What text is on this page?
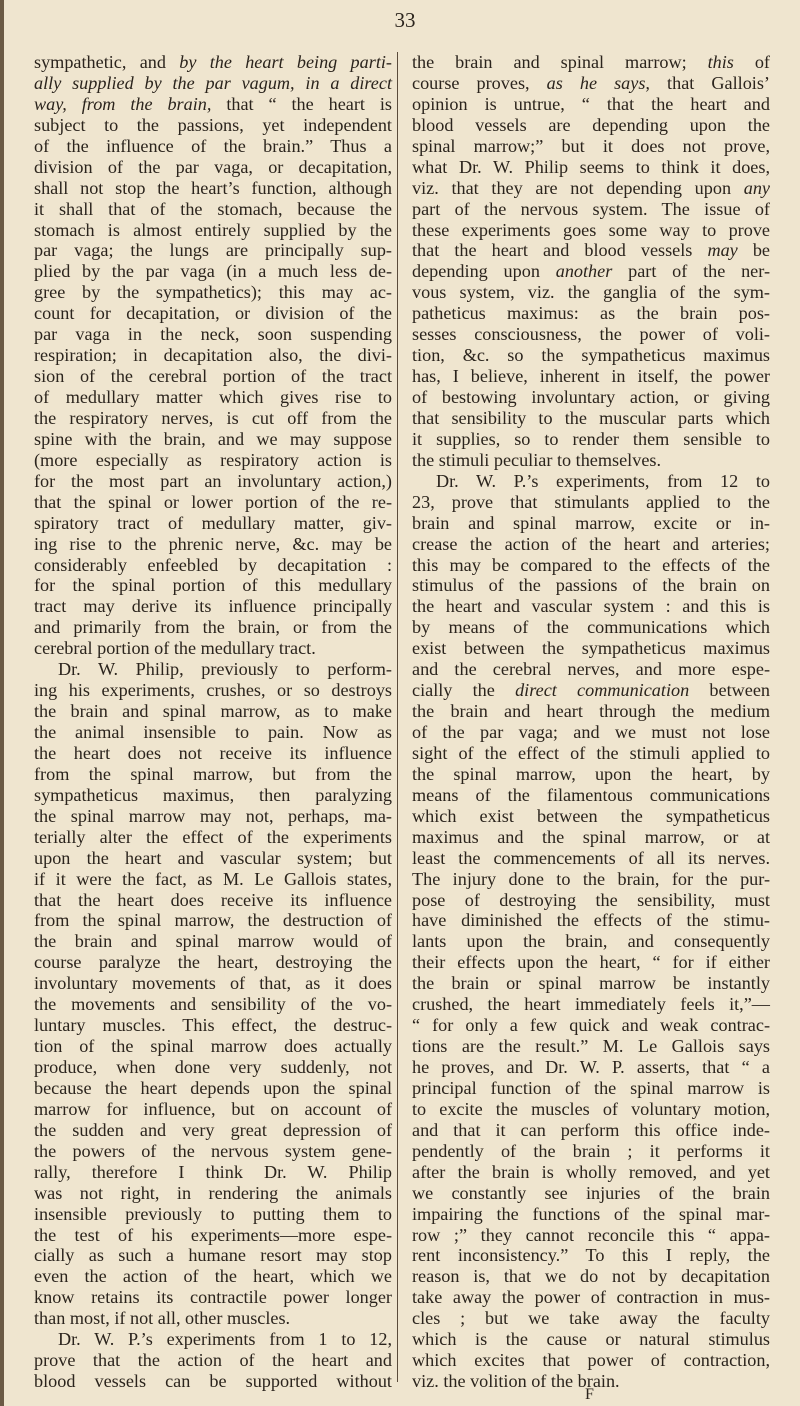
33
sympathetic, and by the heart being parti-
ally supplied by the par vagum, in a direct
way, from the brain, that “ the heart is
subject to the passions, yet independent
of the influence of the brain.” Thus a
division of the par vaga, or decapitation,
shall not stop the heart’s function, although
it shall that of the stomach, because the
stomach is almost entirely supplied by the
par vaga; the lungs are principally sup-
plied by the par vaga (in a much less de-
gree by the sympathetics); this may ac-
count for decapitation, or division of the
par vaga in the neck, soon suspending
respiration; in decapitation also, the divi-
sion of the cerebral portion of the tract
of medullary matter which gives rise to
the respiratory nerves, is cut off from the
spine with the brain, and we may suppose
(more especially as respiratory action is
for the most part an involuntary action,)
that the spinal or lower portion of the re-
spiratory tract of medullary matter, giv-
ing rise to the phrenic nerve, &c. may be
considerably enfeebled by decapitation :
for the spinal portion of this medullary
tract may derive its influence principally
and primarily from the brain, or from the
cerebral portion of the medullary tract.
Dr. W. Philip, previously to perform-
ing his experiments, crushes, or so destroys
the brain and spinal marrow, as to make
the animal insensible to pain. Now as
the heart does not receive its influence
from the spinal marrow, but from the
sympatheticus maximus, then paralyzing
the spinal marrow may not, perhaps, ma-
terially alter the effect of the experiments
upon the heart and vascular system; but
if it were the fact, as M. Le Gallois states,
that the heart does receive its influence
from the spinal marrow, the destruction of
the brain and spinal marrow would of
course paralyze the heart, destroying the
involuntary movements of that, as it does
the movements and sensibility of the vo-
luntary muscles. This effect, the destruc-
tion of the spinal marrow does actually
produce, when done very suddenly, not
because the heart depends upon the spinal
marrow for influence, but on account of
the sudden and very great depression of
the powers of the nervous system gene-
rally, therefore I think Dr. W. Philip
was not right, in rendering the animals
insensible previously to putting them to
the test of his experiments—more espe-
cially as such a humane resort may stop
even the action of the heart, which we
know retains its contractile power longer
than most, if not all, other muscles.
Dr. W. P.’s experiments from 1 to 12,
prove that the action of the heart and
blood vessels can be supported without
the brain and spinal marrow; this of
course proves, as he says, that Gallois’
opinion is untrue, “ that the heart and
blood vessels are depending upon the
spinal marrow;” but it does not prove,
what Dr. W. Philip seems to think it does,
viz. that they are not depending upon any
part of the nervous system. The issue of
these experiments goes some way to prove
that the heart and blood vessels may be
depending upon another part of the ner-
vous system, viz. the ganglia of the sym-
patheticus maximus: as the brain pos-
sesses consciousness, the power of voli-
tion, &c. so the sympatheticus maximus
has, I believe, inherent in itself, the power
of bestowing involuntary action, or giving
that sensibility to the muscular parts which
it supplies, so to render them sensible to
the stimuli peculiar to themselves.
Dr. W. P.’s experiments, from 12 to
23, prove that stimulants applied to the
brain and spinal marrow, excite or in-
crease the action of the heart and arteries;
this may be compared to the effects of the
stimulus of the passions of the brain on
the heart and vascular system : and this is
by means of the communications which
exist between the sympatheticus maximus
and the cerebral nerves, and more espe-
cially the direct communication between
the brain and heart through the medium
of the par vaga; and we must not lose
sight of the effect of the stimuli applied to
the spinal marrow, upon the heart, by
means of the filamentous communications
which exist between the sympatheticus
maximus and the spinal marrow, or at
least the commencements of all its nerves.
The injury done to the brain, for the pur-
pose of destroying the sensibility, must
have diminished the effects of the stimu-
lants upon the brain, and consequently
their effects upon the heart, “ for if either
the brain or spinal marrow be instantly
crushed, the heart immediately feels it,”—
“ for only a few quick and weak contrac-
tions are the result.” M. Le Gallois says
he proves, and Dr. W. P. asserts, that “ a
principal function of the spinal marrow is
to excite the muscles of voluntary motion,
and that it can perform this office inde-
pendently of the brain ; it performs it
after the brain is wholly removed, and yet
we constantly see injuries of the brain
impairing the functions of the spinal mar-
row ;” they cannot reconcile this “ appa-
rent inconsistency.” To this I reply, the
reason is, that we do not by decapitation
take away the power of contraction in mus-
cles ; but we take away the faculty
which is the cause or natural stimulus
which excites that power of contraction,
viz. the volition of the brain.
F
